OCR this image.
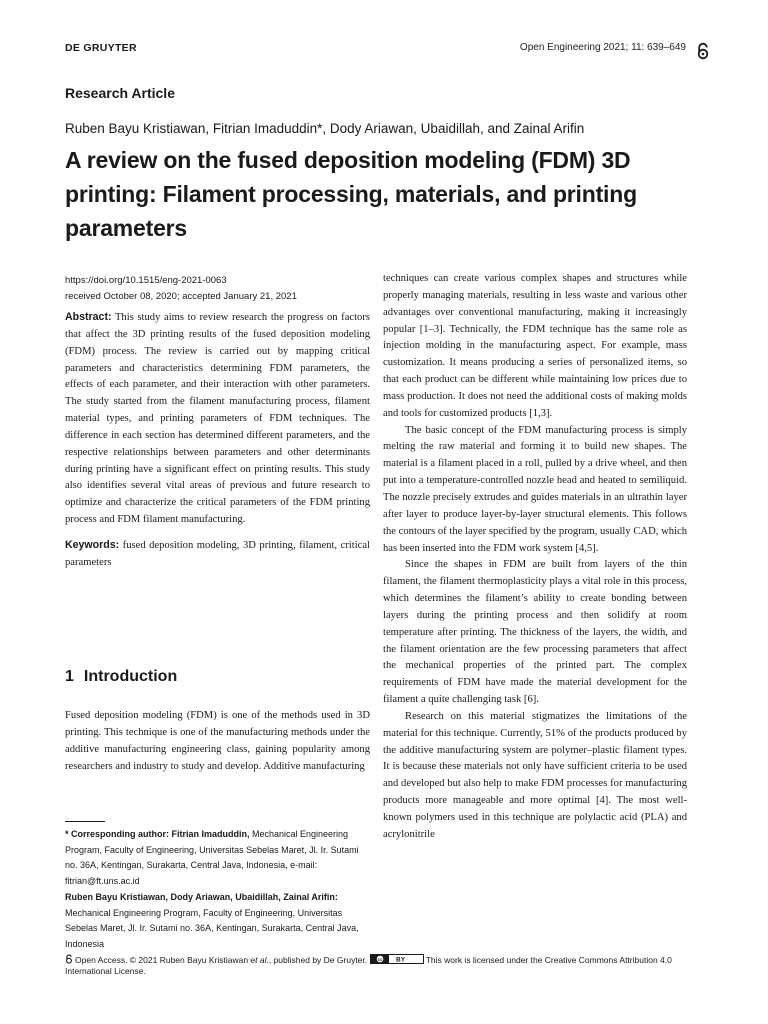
DE GRUYTER	Open Engineering 2021; 11: 639–649
Research Article
Ruben Bayu Kristiawan, Fitrian Imaduddin*, Dody Ariawan, Ubaidillah, and Zainal Arifin
A review on the fused deposition modeling (FDM) 3D printing: Filament processing, materials, and printing parameters
https://doi.org/10.1515/eng-2021-0063
received October 08, 2020; accepted January 21, 2021

Abstract: This study aims to review research the progress on factors that affect the 3D printing results of the fused deposition modeling (FDM) process. The review is carried out by mapping critical parameters and characteristics determining FDM parameters, the effects of each parameter, and their interaction with other parameters. The study started from the filament manufacturing process, filament material types, and printing parameters of FDM techniques. The difference in each section has determined different parameters, and the respective relationships between parameters and other determinants during printing have a significant effect on printing results. This study also identifies several vital areas of previous and future research to optimize and characterize the critical parameters of the FDM printing process and FDM filament manufacturing.

Keywords: fused deposition modeling, 3D printing, filament, critical parameters

1 Introduction

Fused deposition modeling (FDM) is one of the methods used in 3D printing. This technique is one of the manufacturing methods under the additive manufacturing engineering class, gaining popularity among researchers and industry to study and develop. Additive manufacturing

* Corresponding author: Fitrian Imaduddin, Mechanical Engineering Program, Faculty of Engineering, Universitas Sebelas Maret, Jl. Ir. Sutami no. 36A, Kentingan, Surakarta, Central Java, Indonesia, e-mail: fitrian@ft.uns.ac.id

Ruben Bayu Kristiawan, Dody Ariawan, Ubaidillah, Zainal Arifin: Mechanical Engineering Program, Faculty of Engineering, Universitas Sebelas Maret, Jl. Ir. Sutami no. 36A, Kentingan, Surakarta, Central Java, Indonesia

techniques can create various complex shapes and structures while properly managing materials, resulting in less waste and various other advantages over conventional manufacturing, making it increasingly popular [1–3]. Technically, the FDM technique has the same role as injection molding in the manufacturing aspect. For example, mass customization. It means producing a series of personalized items, so that each product can be different while maintaining low prices due to mass production. It does not need the additional costs of making molds and tools for customized products [1,3].

The basic concept of the FDM manufacturing process is simply melting the raw material and forming it to build new shapes. The material is a filament placed in a roll, pulled by a drive wheel, and then put into a temperature-controlled nozzle head and heated to semiliquid. The nozzle precisely extrudes and guides materials in an ultrathin layer after layer to produce layer-by-layer structural elements. This follows the contours of the layer specified by the program, usually CAD, which has been inserted into the FDM work system [4,5].

Since the shapes in FDM are built from layers of the thin filament, the filament thermoplasticity plays a vital role in this process, which determines the filament’s ability to create bonding between layers during the printing process and then solidify at room temperature after printing. The thickness of the layers, the width, and the filament orientation are the few processing parameters that affect the mechanical properties of the printed part. The complex requirements of FDM have made the material development for the filament a quite challenging task [6].

Research on this material stigmatizes the limitations of the material for this technique. Currently, 51% of the products produced by the additive manufacturing system are polymer–plastic filament types. It is because these materials not only have sufficient criteria to be used and developed but also help to make FDM processes for manufacturing products more manageable and more optimal [4]. The most well-known polymers used in this technique are polylactic acid (PLA) and acrylonitrile

Open Access. © 2021 Ruben Bayu Kristiawan et al., published by De Gruyter. cc BY This work is licensed under the Creative Commons Attribution 4.0 International License.
